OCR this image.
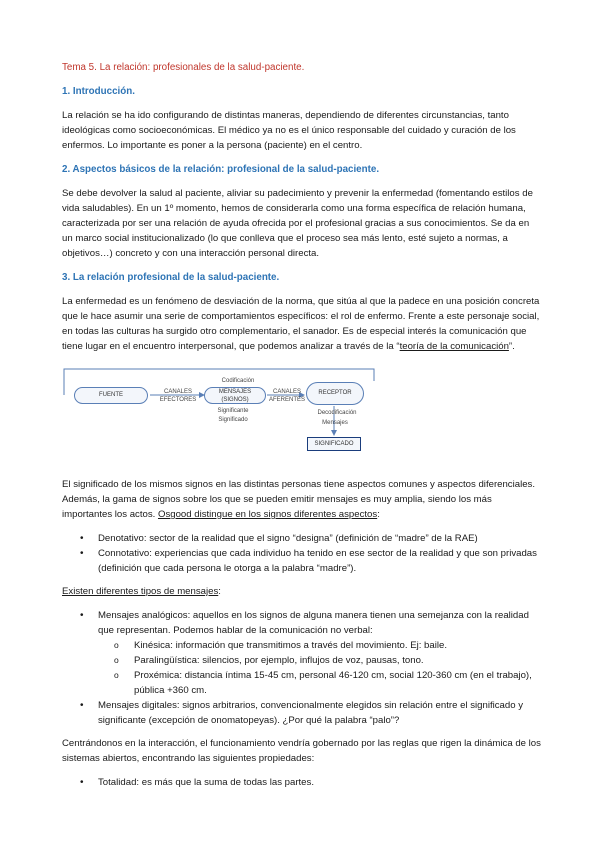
Tema 5. La relación: profesionales de la salud-paciente.

1. Introducción.

La relación se ha ido configurando de distintas maneras, dependiendo de diferentes circunstancias, tanto ideológicas como socioeconómicas. El médico ya no es el único responsable del cuidado y curación de los enfermos. Lo importante es poner a la persona (paciente) en el centro.

2. Aspectos básicos de la relación: profesional de la salud-paciente.

Se debe devolver la salud al paciente, aliviar su padecimiento y prevenir la enfermedad (fomentando estilos de vida saludables). En un 1º momento, hemos de considerarla como una forma específica de relación humana, caracterizada por ser una relación de ayuda ofrecida por el profesional gracias a sus conocimientos. Se da en un marco social institucionalizado (lo que conlleva que el proceso sea más lento, esté sujeto a normas, a objetivos…) concreto y con una interacción personal directa.

3. La relación profesional de la salud-paciente.

La enfermedad es un fenómeno de desviación de la norma, que sitúa al que la padece en una posición concreta que le hace asumir una serie de comportamientos específicos: el rol de enfermo. Frente a este personaje social, en todas las culturas ha surgido otro complementario, el sanador. Es de especial interés la comunicación que tiene lugar en el encuentro interpersonal, que podemos analizar a través de la “teoría de la comunicación”.

FUENTE	CANALES EFECTORES
Codificación
MENSAJES (SIGNOS)
Significante
Significado
CANALES AFERENTES
RECEPTOR
Decodificación
Mensajes
SIGNIFICADO

El significado de los mismos signos en las distintas personas tiene aspectos comunes y aspectos diferenciales. Además, la gama de signos sobre los que se pueden emitir mensajes es muy amplia, siendo los más importantes los actos. Osgood distingue en los signos diferentes aspectos:

• Denotativo: sector de la realidad que el signo “designa” (definición de “madre” de la RAE)
• Connotativo: experiencias que cada individuo ha tenido en ese sector de la realidad y que son privadas (definición que cada persona le otorga a la palabra “madre”).

Existen diferentes tipos de mensajes:

• Mensajes analógicos: aquellos en los signos de alguna manera tienen una semejanza con la realidad que representan. Podemos hablar de la comunicación no verbal:
o Kinésica: información que transmitimos a través del movimiento. Ej: baile.
o Paralingüística: silencios, por ejemplo, influjos de voz, pausas, tono.
o Proxémica: distancia íntima 15-45 cm, personal 46-120 cm, social 120-360 cm (en el trabajo), pública +360 cm.
• Mensajes digitales: signos arbitrarios, convencionalmente elegidos sin relación entre el significado y significante (excepción de onomatopeyas). ¿Por qué la palabra “palo”?

Centrándonos en la interacción, el funcionamiento vendría gobernado por las reglas que rigen la dinámica de los sistemas abiertos, encontrando las siguientes propiedades:

• Totalidad: es más que la suma de todas las partes.
